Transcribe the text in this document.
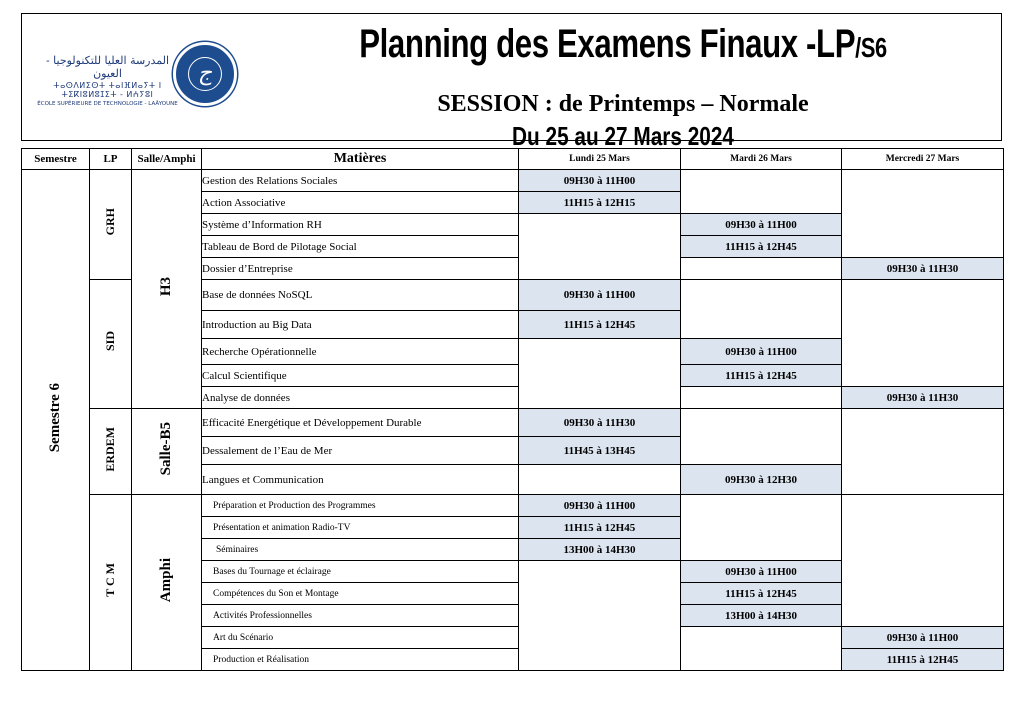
المدرسة العليا للتكنولوجيا - العيون
ⵜⴰⵙⴷⵍⵉⵙⵜ ⵜⴰⵏⴼⵍⴰⵢⵜ ⵏ ⵜⵉⴽⵏⵓⵍⵓⵊⵉⵜ - ⵍⵄⵢⵓⵏ
ÉCOLE SUPÉRIEURE DE TECHNOLOGIE - LAÂYOUNE
ج
Planning des Examens Finaux -LP/S6
SESSION : de Printemps – Normale
Du 25 au 27 Mars 2024
Semestre	LP	Salle/Amphi	Matières	Lundi 25 Mars	Mardi 26 Mars	Mercredi 27 Mars
Semestre 6	GRH	H3	Gestion des Relations Sociales	09H30 à 11H00		
			Action Associative	11H15 à 12H15		
			Système d’Information RH		09H30 à 11H00	
			Tableau de Bord de Pilotage Social		11H15 à 12H45	
			Dossier d’Entreprise			09H30 à 11H30
	SID		Base de données NoSQL	09H30 à 11H00		
			Introduction au Big Data	11H15 à 12H45		
			Recherche Opérationnelle		09H30 à 11H00	
			Calcul Scientifique		11H15 à 12H45	
			Analyse de données			09H30 à 11H30
	ERDEM	Salle-B5	Efficacité Energétique et Développement Durable	09H30 à 11H30		
			Dessalement de l’Eau de Mer	11H45 à 13H45		
			Langues et Communication		09H30 à 12H30	
	T C M	Amphi	Préparation et Production des Programmes	09H30 à 11H00		
			Présentation et animation Radio-TV	11H15 à 12H45		
			Séminaires	13H00 à 14H30		
			Bases du Tournage et éclairage		09H30 à 11H00	
			Compétences du Son et Montage		11H15 à 12H45	
			Activités Professionnelles		13H00 à 14H30	
			Art du Scénario			09H30 à 11H00
			Production et Réalisation			11H15 à 12H45
